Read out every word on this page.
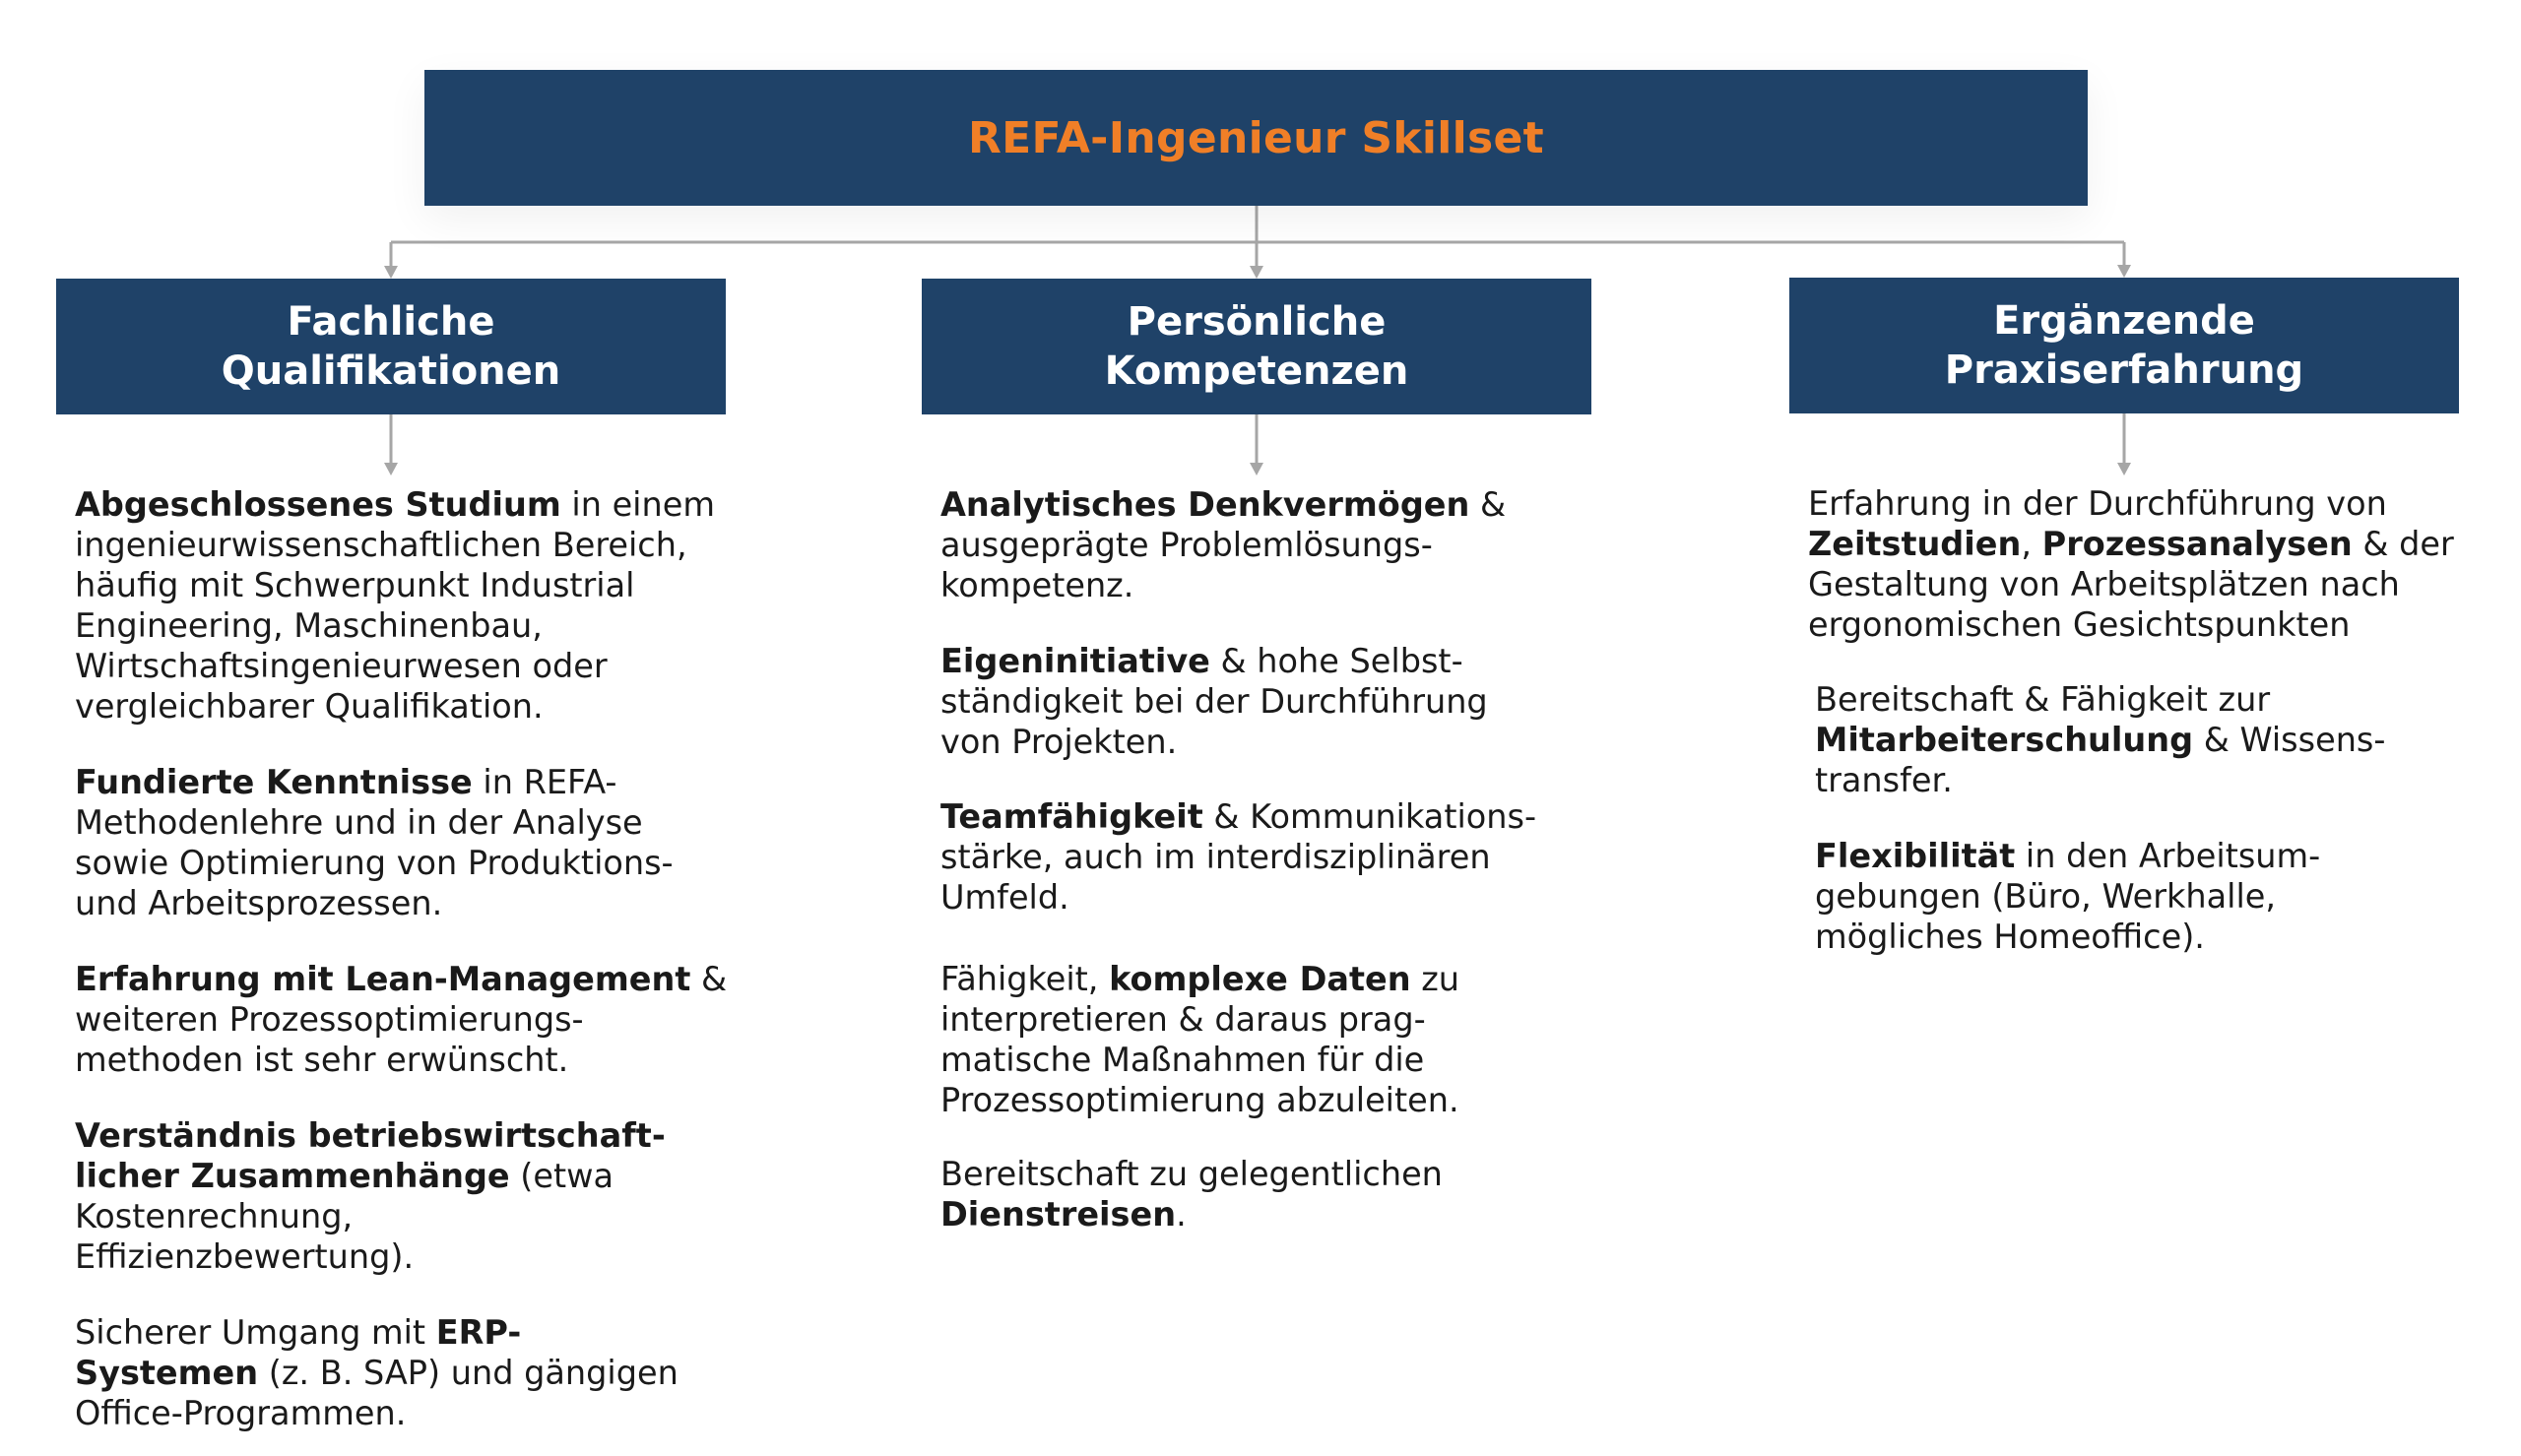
REFA-Ingenieur Skillset
Fachliche
Qualifikationen
Persönliche
Kompetenzen
Ergänzende
Praxiserfahrung

Abgeschlossenes Studium in einem
ingenieurwissenschaftlichen Bereich,
häufig mit Schwerpunkt Industrial
Engineering, Maschinenbau,
Wirtschaftsingenieurwesen oder
vergleichbarer Qualifikation.

Fundierte Kenntnisse in REFA-
Methodenlehre und in der Analyse
sowie Optimierung von Produktions-
und Arbeitsprozessen.

Erfahrung mit Lean-Management &
weiteren Prozessoptimierungs-
methoden ist sehr erwünscht.

Verständnis betriebswirtschaft-
licher Zusammenhänge (etwa
Kostenrechnung,
Effizienzbewertung).

Sicherer Umgang mit ERP-
Systemen (z. B. SAP) und gängigen
Office-Programmen.

Analytisches Denkvermögen &
ausgeprägte Problemlösungs-
kompetenz.

Eigeninitiative & hohe Selbst-
ständigkeit bei der Durchführung
von Projekten.

Teamfähigkeit & Kommunikations-
stärke, auch im interdisziplinären
Umfeld.

Fähigkeit, komplexe Daten zu
interpretieren & daraus prag-
matische Maßnahmen für die
Prozessoptimierung abzuleiten.

Bereitschaft zu gelegentlichen
Dienstreisen.

Erfahrung in der Durchführung von
Zeitstudien, Prozessanalysen & der
Gestaltung von Arbeitsplätzen nach
ergonomischen Gesichtspunkten

Bereitschaft & Fähigkeit zur
Mitarbeiterschulung & Wissens-
transfer.

Flexibilität in den Arbeitsum-
gebungen (Büro, Werkhalle,
mögliches Homeoffice).
